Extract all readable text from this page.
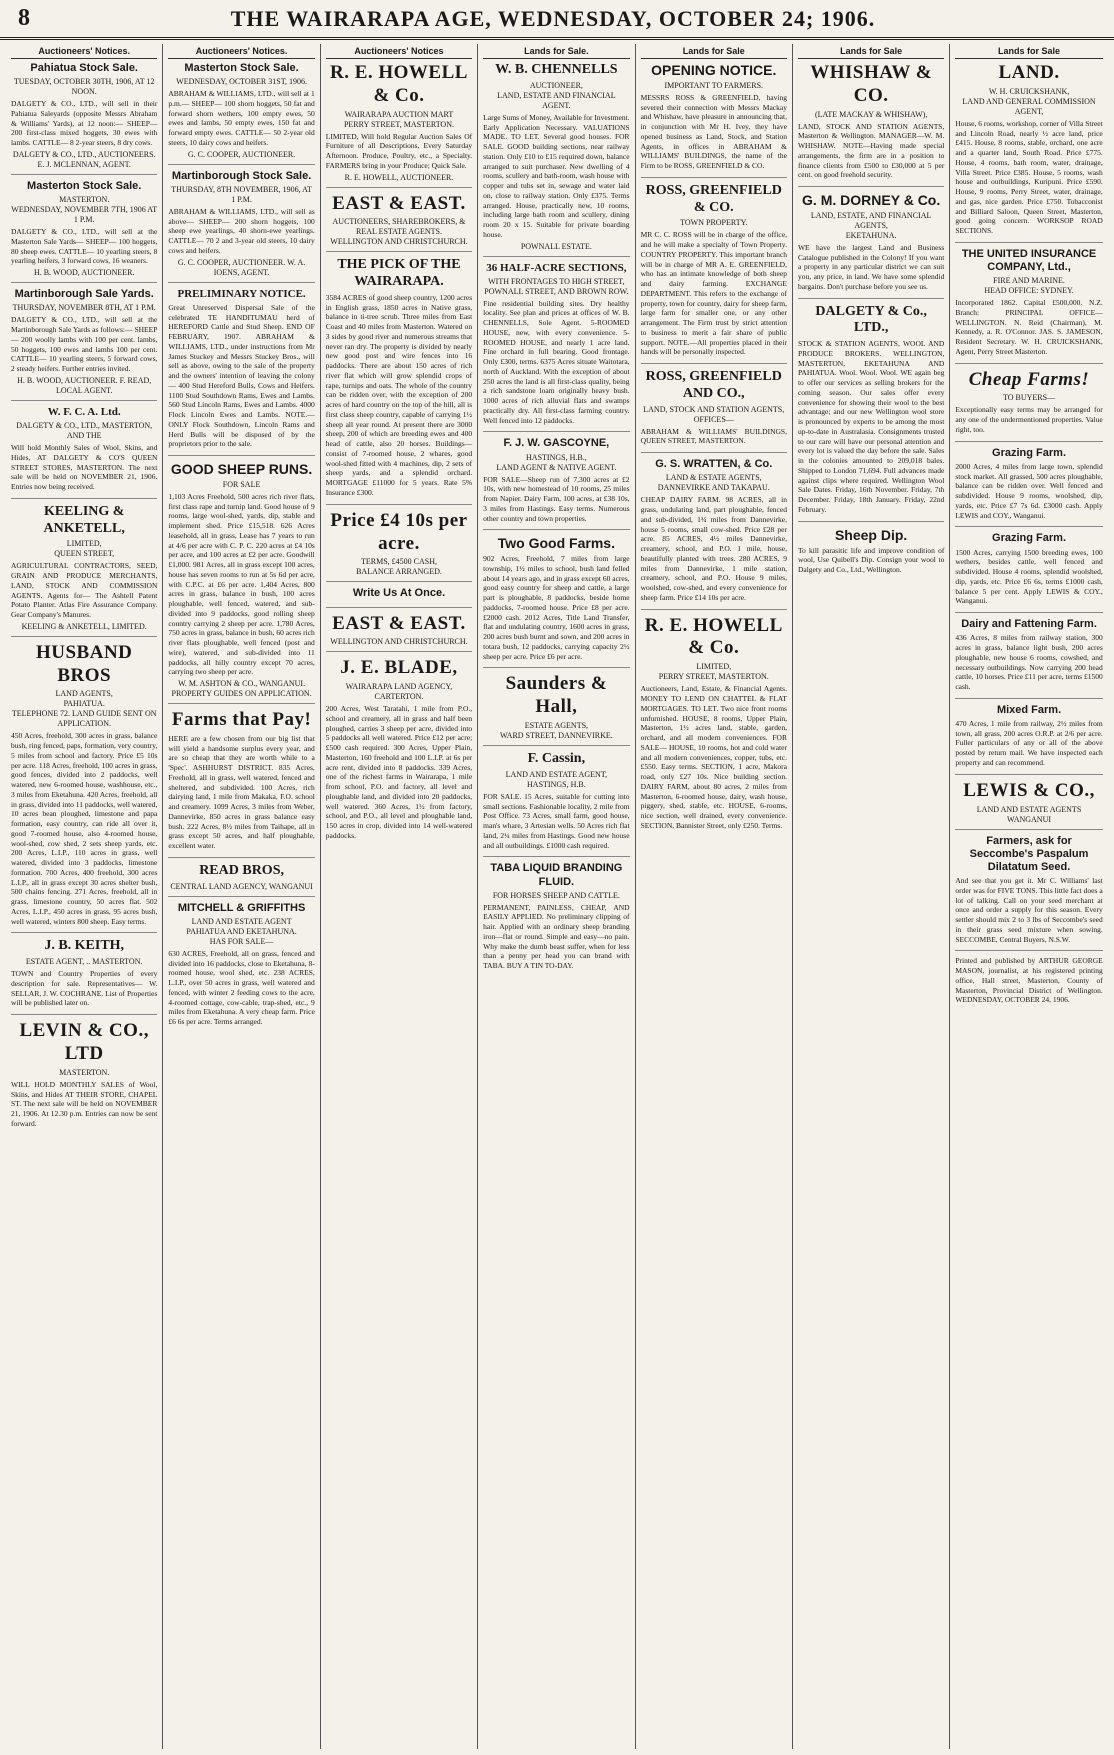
8	THE WAIRARAPA AGE, WEDNESDAY, OCTOBER 24; 1906.
Auctioneers' Notices.
Pahiatua Stock Sale.
TUESDAY, OCTOBER 30TH, 1906, AT 12 NOON.

DALGETY & CO., LTD., will sell in their Pahiatua Saleyards (opposite Messrs Abraham & Williams' Yards), at 12 noon:— SHEEP— 200 first-class mixed hoggets, 30 ewes with lambs. CATTLE— 8 2-year steers, 8 dry cows.

DALGETY & CO., LTD., AUCTIONEERS. E. J. MCLENNAN, AGENT.
Masterton Stock Sale.
MASTERTON.
WEDNESDAY, NOVEMBER 7TH, 1906 AT 1 P.M.

DALGETY & CO., LTD., will sell at the Masterton Sale Yards— SHEEP— 100 hoggets, 80 sheep ewes. CATTLE— 10 yearling steers, 8 yearling heifers, 3 forward cows, 16 weaners.

H. B. WOOD, AUCTIONEER.
Martinborough Sale Yards.
THURSDAY, NOVEMBER 8TH, AT 1 P.M.

DALGETY & CO., LTD., will sell at the Martinborough Sale Yards as follows:— SHEEP— 200 woolly lambs with 100 per cent. lambs, 50 hoggets, 100 ewes and lambs 100 per cent. CATTLE— 10 yearling steers, 5 forward cows, 2 steady heifers. Further entries invited.

H. B. WOOD, AUCTIONEER. F. READ, LOCAL AGENT.
W. F. C. A. Ltd.
DALGETY & CO., LTD., MASTERTON, AND THE

Will hold Monthly Sales of Wool, Skins, and Hides, AT DALGETY & CO'S QUEEN STREET STORES, MASTERTON. The next sale will be held on NOVEMBER 21, 1906. Entries now being received.

KEELING & ANKETELL,
LIMITED,
QUEEN STREET,

AGRICULTURAL CONTRACTORS, SEED, GRAIN AND PRODUCE MERCHANTS, LAND, STOCK AND COMMISSION AGENTS. Agents for— The Ashtell Patent Potato Planter. Atlas Fire Assurance Company. Gear Company's Manures.

KEELING & ANKETELL, LIMITED.
HUSBAND BROS
LAND AGENTS,
PAHIATUA.
TELEPHONE 72. LAND GUIDE SENT ON APPLICATION.

450 Acres, freehold, 300 acres in grass, balance bush, ring fenced, paps, formation, very country, 5 miles from school and factory. Price £5 10s per acre. 118 Acres, freehold, 100 acres in grass, good fences, divided into 2 paddocks, well watered, new 6-roomed house, washhouse, etc., 3 miles from Eketahuna. 420 Acres, freehold, all in grass, divided into 11 paddocks, well watered, 10 acres bean ploughed, limestone and papa formation, easy country, can ride all over it, good 7-roomed house, also 4-roomed house, wool-shed, cow shed, 2 sets sheep yards, etc. 200 Acres, L.I.P., 110 acres in grass, well watered, divided into 3 paddocks, limestone formation. 700 Acres, 400 freehold, 300 acres L.I.P., all in grass except 30 acres shelter bush, 500 chains fencing. 271 Acres, freehold, all in grass, limestone country, 50 acres flat. 502 Acres, L.I.P., 450 acres in grass, 95 acres bush, well watered, winters 800 sheep. Easy terms.

J. B. KEITH,
ESTATE AGENT, .. MASTERTON.

TOWN and Country Properties of every description for sale. Representatives— W. SELLAR, J. W. COCHRANE. List of Properties will be published later on.

LEVIN & CO., LTD
MASTERTON.

WILL HOLD MONTHLY SALES of Wool, Skins, and Hides AT THEIR STORE, CHAPEL ST. The next sale will be held on NOVEMBER 21, 1906. At 12.30 p.m. Entries can now be sent forward.

Auctioneers' Notices.
Masterton Stock Sale.
WEDNESDAY, OCTOBER 31ST, 1906.

ABRAHAM & WILLIAMS, LTD., will sell at 1 p.m.— SHEEP— 100 shorn hoggets, 50 fat and forward shorn wethers, 100 empty ewes, 50 ewes and lambs, 50 empty ewes, 150 fat and forward empty ewes. CATTLE— 50 2-year old steers, 10 dairy cows and heifers.

G. C. COOPER, AUCTIONEER.
Martinborough Stock Sale.
THURSDAY, 8TH NOVEMBER, 1906, AT 1 P.M.

ABRAHAM & WILLIAMS, LTD., will sell as above— SHEEP— 200 shorn hoggets, 100 sheep ewe yearlings, 40 shorn-ewe yearlings. CATTLE— 70 2 and 3-year old steers, 10 dairy cows and heifers.

G. C. COOPER, AUCTIONEER. W. A. IOENS, AGENT.
PRELIMINARY NOTICE.

Great Unreserved Dispersal Sale of the celebrated TE HANDITUMAU herd of HEREFORD Cattle and Stud Sheep. END OF FEBRUARY, 1907. ABRAHAM & WILLIAMS, LTD., under instructions from Mr James Stuckey and Messrs Stuckey Bros., will sell as above, owing to the sale of the property and the owners' intention of leaving the colony— 400 Stud Hereford Bulls, Cows and Heifers. 1100 Stud Southdown Rams, Ewes and Lambs. 560 Stud Lincoln Rams, Ewes and Lambs. 4000 Flock Lincoln Ewes and Lambs. NOTE.—ONLY Flock Southdown, Lincoln Rams and Herd Bulls will be disposed of by the proprietors prior to the sale.

GOOD SHEEP RUNS.
FOR SALE

1,103 Acres Freehold, 500 acres rich river flats, first class rape and turnip land. Good house of 9 rooms, large wool-shed, yards, dip, stable and implement shed. Price £15,518. 626 Acres leasehold, all in grass, Lease has 7 years to run at 4/6 per acre with C. P. C. 220 acres at £4 10s per acre, and 100 acres at £2 per acre. Goodwill £1,000. 981 Acres, all in grass except 100 acres, house has seven rooms to run at 5s 6d per acre, with C.P.C. at £6 per acre. 1,404 Acres, 800 acres in grass, balance in bush, 100 acres ploughable, well fenced, watered, and sub-divided into 9 paddocks, good rolling sheep country carrying 2 sheep per acre. 1,780 Acres, 750 acres in grass, balance in bush, 60 acres rich river flats ploughable, well fenced (post and wire), watered, and sub-divided into 11 paddocks, all hilly country except 70 acres, carrying two sheep per acre.

W. M. ASHTON & CO., WANGANUI. PROPERTY GUIDES ON APPLICATION.
Farms that Pay!

HERE are a few chosen from our big list that will yield a handsome surplus every year, and are so cheap that they are worth while to a 'Spec'. ASHHURST DISTRICT. 835 Acres, Freehold, all in grass, well watered, fenced and sheltered, and subdivided. 100 Acres, rich dairying land, 1 mile from Makaka, F.O. school and creamery. 1099 Acres, 3 miles from Weber, Dannevirke, 850 acres in grass balance easy bush. 222 Acres, 8½ miles from Taihape, all in grass except 50 acres, and half ploughable, excellent water.

READ BROS,
CENTRAL LAND AGENCY, WANGANUI
MITCHELL & GRIFFITHS
LAND AND ESTATE AGENT
PAHIATUA AND EKETAHUNA.
HAS FOR SALE—

630 ACRES, Freehold, all on grass, fenced and divided into 16 paddocks, close to Eketahuna, 8-roomed house, wool shed, etc. 238 ACRES, L.I.P., over 50 acres in grass, well watered and fenced, with winter 2 feeding cows to the acre, 4-roomed cottage, cow-cable, trap-shed, etc., 9 miles from Eketahuna. A very cheap farm. Price £6 6s per acre. Terms arranged.

Auctioneers' Notices
R. E. HOWELL & Co.
WAIRARAPA AUCTION MART
PERRY STREET, MASTERTON.

LIMITED, Will hold Regular Auction Sales Of Furniture of all Descriptions, Every Saturday Afternoon. Produce, Poultry, etc., a Specialty. FARMERS bring in your Produce; Quick Sale.

R. E. HOWELL, AUCTIONEER.
EAST & EAST.
AUCTIONEERS, SHAREBROKERS, & REAL ESTATE AGENTS.
WELLINGTON AND CHRISTCHURCH.
THE PICK OF THE WAIRARAPA.

3584 ACRES of good sheep country, 1200 acres in English grass, 1850 acres in Native grass, balance in ti-tree scrub. Three miles from East Coast and 40 miles from Masterton. Watered on 3 sides by good river and numerous streams that never ran dry. The property is divided by nearly new good post and wire fences into 16 paddocks. There are about 150 acres of rich river flat which will grow splendid crops of rape, turnips and oats. The whole of the country can be ridden over, with the exception of 200 acres of hard country on the top of the hill, all is first class sheep country, capable of carrying 1½ sheep all year round. At present there are 3000 sheep, 200 of which are breeding ewes and 400 head of cattle, also 20 horses. Buildings—consist of 7-roomed house, 2 whares, good wool-shed fitted with 4 machines, dip, 2 sets of sheep yards, and a splendid orchard. MORTGAGE £11000 for 5 years. Rate 5% Insurance £300.

Price £4 10s per acre.
TERMS, £4500 CASH,
BALANCE ARRANGED.
Write Us At Once.
EAST & EAST.
WELLINGTON AND CHRISTCHURCH.
J. E. BLADE,
WAIRARAPA LAND AGENCY,
CARTERTON.

200 Acres, West Taratahi, 1 mile from P.O., school and creamery, all in grass and half been ploughed, carries 3 sheep per acre, divided into 5 paddocks all well watered. Price £12 per acre; £500 cash required. 300 Acres, Upper Plain, Masterton, 160 freehold and 100 L.I.P. at 6s per acre rent, divided into 8 paddocks. 339 Acres, one of the richest farms in Wairarapa, 1 mile from school, P.O. and factory, all level and ploughable land, and divided into 20 paddocks, well watered. 360 Acres, 1½ from factory, school, and P.O., all level and ploughable land, 150 acres in crop, divided into 14 well-watered paddocks.

Lands for Sale.
W. B. CHENNELLS
AUCTIONEER,
LAND, ESTATE AND FINANCIAL AGENT.

Large Sums of Money, Available for Investment. Early Application Necessary. VALUATIONS MADE. TO LET. Several good houses. FOR SALE. GOOD building sections, near railway station. Only £10 to £15 required down, balance arranged to suit purchaser. New dwelling of 4 rooms, scullery and bath-room, wash house with copper and tubs set in, sewage and water laid on, close to railway station. Only £375. Terms arranged. House, practically new, 10 rooms, including large bath room and scullery, dining room 20 x 15. Suitable for private boarding house.

POWNALL ESTATE.
36 HALF-ACRE SECTIONS,
WITH FRONTAGES TO HIGH STREET, POWNALL STREET, AND BROWN ROW.

Fine residential building sites. Dry healthy locality. See plan and prices at offices of W. B. CHENNELLS, Sole Agent. 5-ROOMED HOUSE, new, with every convenience. 5-ROOMED HOUSE, and nearly 1 acre land. Fine orchard in full bearing. Good frontage. Only £300, terms. 6375 Acres situate Waitotara, north of Auckland. With the exception of about 250 acres the land is all first-class quality, being a rich sandstone loam originally heavy bush. 1000 acres of rich alluvial flats and swamps practically dry. All first-class farming country. Well fenced into 12 paddocks.

F. J. W. GASCOYNE,
HASTINGS, H.B.,
LAND AGENT & NATIVE AGENT.

FOR SALE—Sheep run of 7,300 acres at £2 10s, with new homestead of 10 rooms, 25 miles from Napier. Dairy Farm, 100 acres, at £38 10s, 3 miles from Hastings. Easy terms. Numerous other country and town properties.

Two Good Farms.

902 Acres, Freehold, 7 miles from large township, 1½ miles to school, bush land felled about 14 years ago, and in grass except 60 acres, good easy country for sheep and cattle, a large part is ploughable, 8 paddocks, beside home paddocks, 7-roomed house. Price £8 per acre. £2000 cash. 2012 Acres, Title Land Transfer, flat and undulating country, 1600 acres in grass, 200 acres bush burnt and sown, and 200 acres in totara bush, 12 paddocks, carrying capacity 2½ sheep per acre. Price £6 per acre.

Saunders & Hall,
ESTATE AGENTS,
WARD STREET, DANNEVIRKE.
F. Cassin,
LAND AND ESTATE AGENT,
HASTINGS, H.B.

FOR SALE. 15 Acres, suitable for cutting into small sections. Fashionable locality, 2 mile from Post Office. 73 Acres, small farm, good house, man's whare, 3 Artesian wells. 50 Acres rich flat land, 2¼ miles from Hastings. Good new house and all outbuildings. £1000 cash required.

TABA LIQUID BRANDING FLUID.
FOR HORSES SHEEP AND CATTLE.

PERMANENT, PAINLESS, CHEAP, AND EASILY APPLIED. No preliminary clipping of hair. Applied with an ordinary sheep branding iron—flat or round. Simple and easy—no pain. Why make the dumb beast suffer, when for less than a penny per head you can brand with TABA. BUY A TIN TO-DAY.

Lands for Sale
OPENING NOTICE.
IMPORTANT TO FARMERS.

MESSRS ROSS & GREENFIELD, having severed their connection with Messrs Mackay and Whishaw, have pleasure in announcing that, in conjunction with Mr H. Ivey, they have opened business as Land, Stock, and Station Agents, in offices in ABRAHAM & WILLIAMS' BUILDINGS, the name of the Firm to be ROSS, GREENFIELD & CO.

ROSS, GREENFIELD & CO.
TOWN PROPERTY.

MR C. C. ROSS will be in charge of the office, and he will make a specialty of Town Property. COUNTRY PROPERTY. This important branch will be in charge of MR A. E. GREENFIELD, who has an intimate knowledge of both sheep and dairy farming. EXCHANGE DEPARTMENT. This refers to the exchange of property, town for country, dairy for sheep farm, large farm for smaller one, or any other arrangement. The Firm trust by strict attention to business to merit a fair share of public support. NOTE.—All properties placed in their hands will be personally inspected.

ROSS, GREENFIELD AND CO.,
LAND, STOCK AND STATION AGENTS,
OFFICES—

ABRAHAM & WILLIAMS' BUILDINGS, QUEEN STREET, MASTERTON.

G. S. WRATTEN, & Co.
LAND & ESTATE AGENTS,
DANNEVIRKE AND TAKAPAU.

CHEAP DAIRY FARM. 98 ACRES, all in grass, undulating land, part ploughable, fenced and sub-divided, 1¾ miles from Dannevirke, house 5 rooms, small cow-shed. Price £28 per acre. 85 ACRES, 4½ miles Dannevirke, creamery, school, and P.O. 1 mile, house, beautifully planted with trees. 280 ACRES, 9 miles from Dannevirke, 1 mile station, creamery, school, and P.O. House 9 miles, woolshed, cow-shed, and every convenience for sheep farm. Price £14 10s per acre.

R. E. HOWELL & Co.
LIMITED,
PERRY STREET, MASTERTON.

Auctioneers, Land, Estate, & Financial Agents. MONEY TO LEND ON CHATTEL & FLAT MORTGAGES. TO LET. Two nice front rooms unfurnished. HOUSE, 8 rooms, Upper Plain, Masterton, 1½ acres land, stable, garden, orchard, and all modern conveniences. FOR SALE— HOUSE, 10 rooms, hot and cold water and all modern conveniences, copper, tubs, etc. £550. Easy terms. SECTION, 1 acre, Makora road, only £27 10s. Nice building section. DAIRY FARM, about 80 acres, 2 miles from Masterton, 6-roomed house, dairy, wash house, piggery, shed, stable, etc. HOUSE, 6-rooms, nice section, well drained, every convenience. SECTION, Bannister Street, only £250. Terms.

Lands for Sale
WHISHAW & CO.
(LATE MACKAY & WHISHAW),

LAND, STOCK AND STATION AGENTS, Masterton & Wellington. MANAGER—W. M. WHISHAW. NOTE—Having made special arrangements, the firm are in a position to finance clients from £500 to £30,000 at 5 per cent. on good freehold security.

G. M. DORNEY & Co.
LAND, ESTATE, AND FINANCIAL AGENTS,
EKETAHUNA.

WE have the largest Land and Business Catalogue published in the Colony! If you want a property in any particular district we can suit you, any price, in land. We have some splendid bargains. Don't purchase before you see us.

DALGETY & Co., LTD.,

STOCK & STATION AGENTS, WOOL AND PRODUCE BROKERS. WELLINGTON, MASTERTON, EKETAHUNA AND PAHIATUA. Wool. Wool. Wool. WE again beg to offer our services as selling brokers for the coming season. Our sales offer every convenience for showing their wool to the best advantage; and our new Wellington wool store is pronounced by experts to be among the most up-to-date in Australasia. Consignments trusted to our care will have our personal attention and every lot is valued the day before the sale. Sales in the colonies amounted to 209,018 bales. Shipped to London 71,694. Full advances made against clips where required. Wellington Wool Sale Dates. Friday, 16th November. Friday, 7th December. Friday, 18th January. Friday, 22nd February.

Sheep Dip.

To kill parasitic life and improve condition of wool, Use Quibell's Dip. Consign your wool to Dalgety and Co., Ltd., Wellington.

Lands for Sale
LAND.
W. H. CRUICKSHANK,
LAND AND GENERAL COMMISSION AGENT,

House, 6 rooms, workshop, corner of Villa Street and Lincoln Road, nearly ½ acre land, price £415. House, 8 rooms, stable, orchard, one acre and a quarter land, South Road. Price £775. House, 4 rooms, bath room, water, drainage, Villa Street. Price £385. House, 5 rooms, wash house and outbuildings, Kuripuni. Price £590. House, 9 rooms, Perry Street, water, drainage, and gas, nice garden. Price £750. Tobacconist and Billiard Saloon, Queen Street, Masterton, good going concern. WORKSOP ROAD SECTIONS.

THE UNITED INSURANCE COMPANY, Ltd.,
FIRE AND MARINE.
HEAD OFFICE: SYDNEY.

Incorporated 1862. Capital £500,000. N.Z. Branch: PRINCIPAL OFFICE—WELLINGTON. N. Reid (Chairman), M. Kennedy, a. R. O'Connor. JAS. S. JAMESON, Resident Secretary. W. H. CRUICKSHANK, Agent, Perry Street Masterton.

Cheap Farms!
TO BUYERS—

Exceptionally easy terms may be arranged for any one of the undermentioned properties. Value right, too.

Grazing Farm.

2000 Acres, 4 miles from large town, splendid stock market. All grassed, 500 acres ploughable, balance can be ridden over. Well fenced and subdivided. House 9 rooms, woolshed, dip, yards, etc. Price £7 7s 6d. £3000 cash. Apply LEWIS and COY., Wanganui.

Grazing Farm.

1500 Acres, carrying 1500 breeding ewes, 100 wethers, besides cattle, well fenced and subdivided. House 4 rooms, splendid woolshed, dip, yards, etc. Price £6 6s, terms £1000 cash, balance 5 per cent. Apply LEWIS & COY., Wanganui.

Dairy and Fattening Farm.

436 Acres, 8 miles from railway station, 300 acres in grass, balance light bush, 200 acres ploughable, new house 6 rooms, cowshed, and necessary outbuildings. Now carrying 200 head cattle, 10 horses. Price £11 per acre, terms £1500 cash.

Mixed Farm.

470 Acres, 1 mile from railway, 2½ miles from town, all grass, 200 acres O.R.P. at 2/6 per acre. Fuller particulars of any or all of the above posted by return mail. We have inspected each property and can recommend.

LEWIS & CO.,
LAND AND ESTATE AGENTS
WANGANUI
Farmers, ask for Seccombe's Paspalum Dilatatum Seed.

And see that you get it. Mr C. Williams' last order was for FIVE TONS. This little fact does a lot of talking. Call on your seed merchant at once and order a supply for this season. Every settler should mix 2 to 3 lbs of Seccombe's seed in their grass seed mixture when sowing. SECCOMBE, Central Buyers, N.S.W.

Printed and published by ARTHUR GEORGE MASON, journalist, at his registered printing office, Hall street, Masterton, County of Masterton, Provincial District of Wellington. WEDNESDAY, OCTOBER 24, 1906.
